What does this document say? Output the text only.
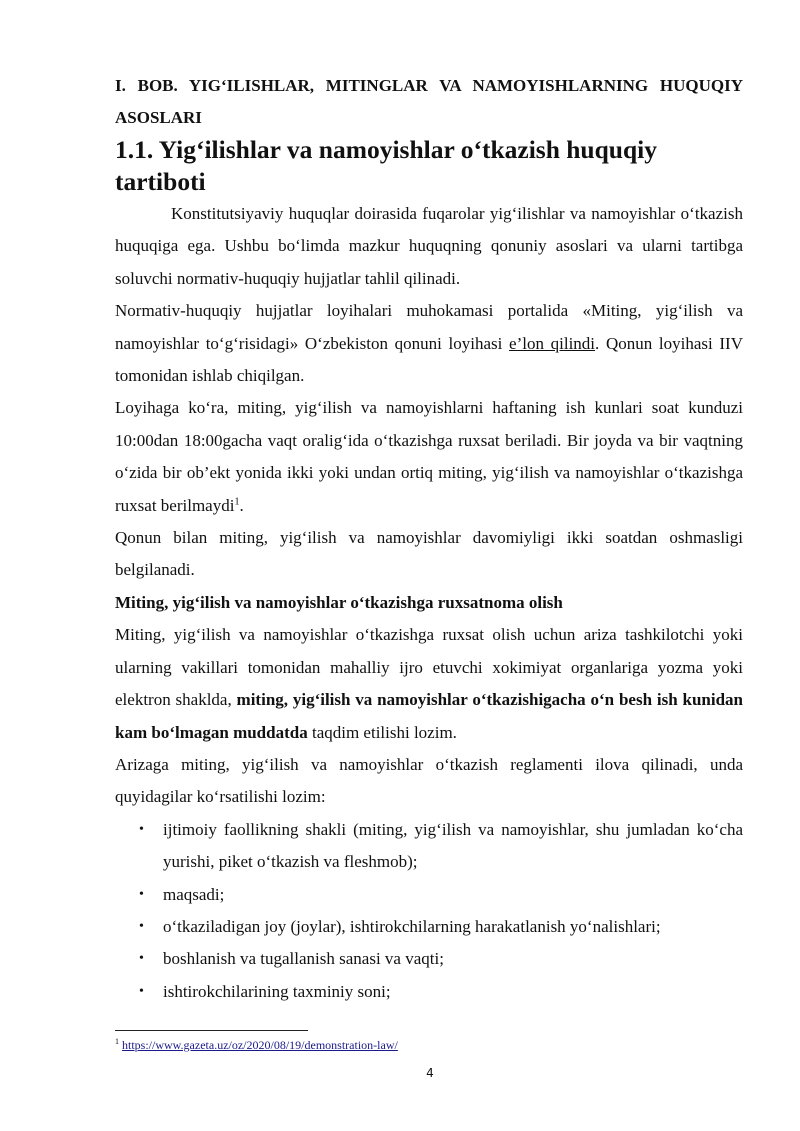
I. BOB. YIG‘ILISHLAR, MITINGLAR VA NAMOYISHLARNING HUQUQIY ASOSLARI
1.1. Yig‘ilishlar va namoyishlar o‘tkazish huquqiy tartiboti

Konstitutsiyaviy huquqlar doirasida fuqarolar yig‘ilishlar va namoyishlar o‘tkazish huquqiga ega. Ushbu bo‘limda mazkur huquqning qonuniy asoslari va ularni tartibga soluvchi normativ-huquqiy hujjatlar tahlil qilinadi.

Normativ-huquqiy hujjatlar loyihalari muhokamasi portalida «Miting, yig‘ilish va namoyishlar to‘g‘risidagi» O‘zbekiston qonuni loyihasi e’lon qilindi. Qonun loyihasi IIV tomonidan ishlab chiqilgan.

Loyihaga ko‘ra, miting, yig‘ilish va namoyishlarni haftaning ish kunlari soat kunduzi 10:00dan 18:00gacha vaqt oralig‘ida o‘tkazishga ruxsat beriladi. Bir joyda va bir vaqtning o‘zida bir ob’ekt yonida ikki yoki undan ortiq miting, yig‘ilish va namoyishlar o‘tkazishga ruxsat berilmaydi$^1$.

Qonun bilan miting, yig‘ilish va namoyishlar davomiyligi ikki soatdan oshmasligi belgilanadi.

Miting, yig‘ilish va namoyishlar o‘tkazishga ruxsatnoma olish

Miting, yig‘ilish va namoyishlar o‘tkazishga ruxsat olish uchun ariza tashkilotchi yoki ularning vakillari tomonidan mahalliy ijro etuvchi xokimiyat organlariga yozma yoki elektron shaklda, miting, yig‘ilish va namoyishlar o‘tkazishigacha o‘n besh ish kunidan kam bo‘lmagan muddatda taqdim etilishi lozim.

Arizaga miting, yig‘ilish va namoyishlar o‘tkazish reglamenti ilova qilinadi, unda quyidagilar ko‘rsatilishi lozim:

• ijtimoiy faollikning shakli (miting, yig‘ilish va namoyishlar, shu jumladan ko‘cha yurishi, piket o‘tkazish va fleshmob);
• maqsadi;
• o‘tkaziladigan joy (joylar), ishtirokchilarning harakatlanish yo‘nalishlari;
• boshlanish va tugallanish sanasi va vaqti;
• ishtirokchilarining taxminiy soni;
$^1$ https://www.gazeta.uz/oz/2020/08/19/demonstration-law/
4
